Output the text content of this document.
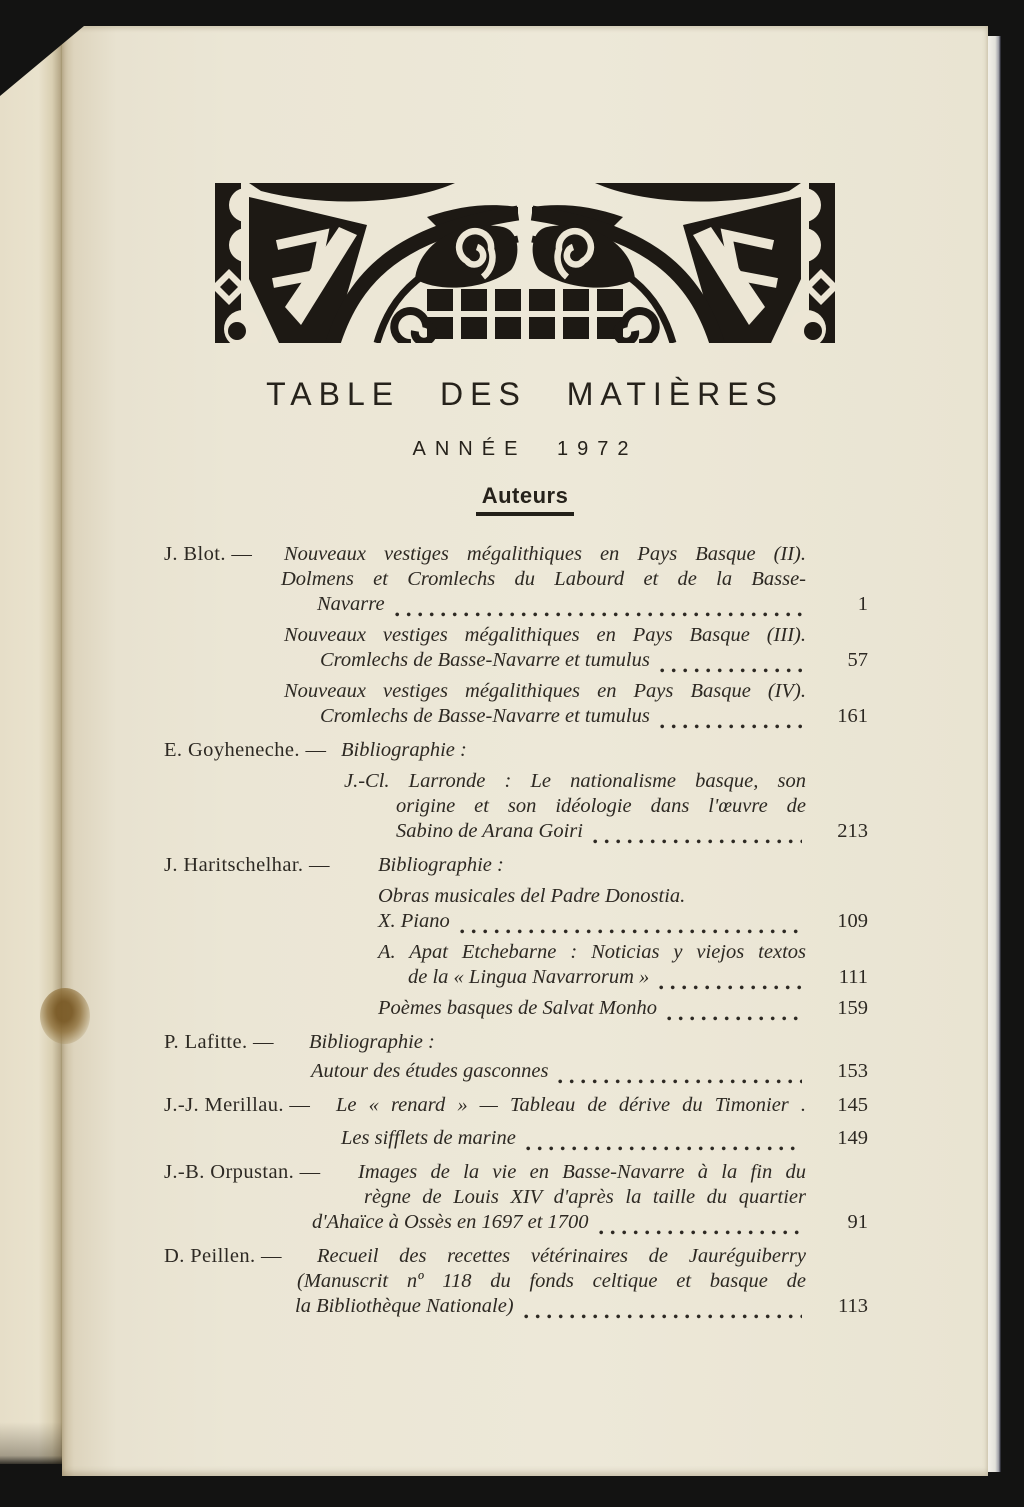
TABLE DES MATIÈRES
ANNÉE 1972
Auteurs
J. Blot. —	Nouveaux vestiges mégalithiques en Pays Basque (II).
Dolmens et Cromlechs du Labourd et de la Basse-
Navarre	1
Nouveaux vestiges mégalithiques en Pays Basque (III).
Cromlechs de Basse-Navarre et tumulus	57
Nouveaux vestiges mégalithiques en Pays Basque (IV).
Cromlechs de Basse-Navarre et tumulus	161
E. Goyheneche. — Bibliographie :
J.-Cl. Larronde : Le nationalisme basque, son
origine et son idéologie dans l'œuvre de
Sabino de Arana Goiri	213
J. Haritschelhar. —	Bibliographie :
Obras musicales del Padre Donostia.
X. Piano	109
A. Apat Etchebarne : Noticias y viejos textos
de la « Lingua Navarrorum »	111
Poèmes basques de Salvat Monho	159
P. Lafitte. —	Bibliographie :
Autour des études gasconnes	153
J.-J. Merillau. —	Le « renard » — Tableau de dérive du Timonier .	145
Les sifflets de marine	149
J.-B. Orpustan. —	Images de la vie en Basse-Navarre à la fin du
règne de Louis XIV d'après la taille du quartier
d'Ahaïce à Ossès en 1697 et 1700	91
D. Peillen. —	Recueil des recettes vétérinaires de Jauréguiberry
(Manuscrit nº 118 du fonds celtique et basque de
la Bibliothèque Nationale)	113
